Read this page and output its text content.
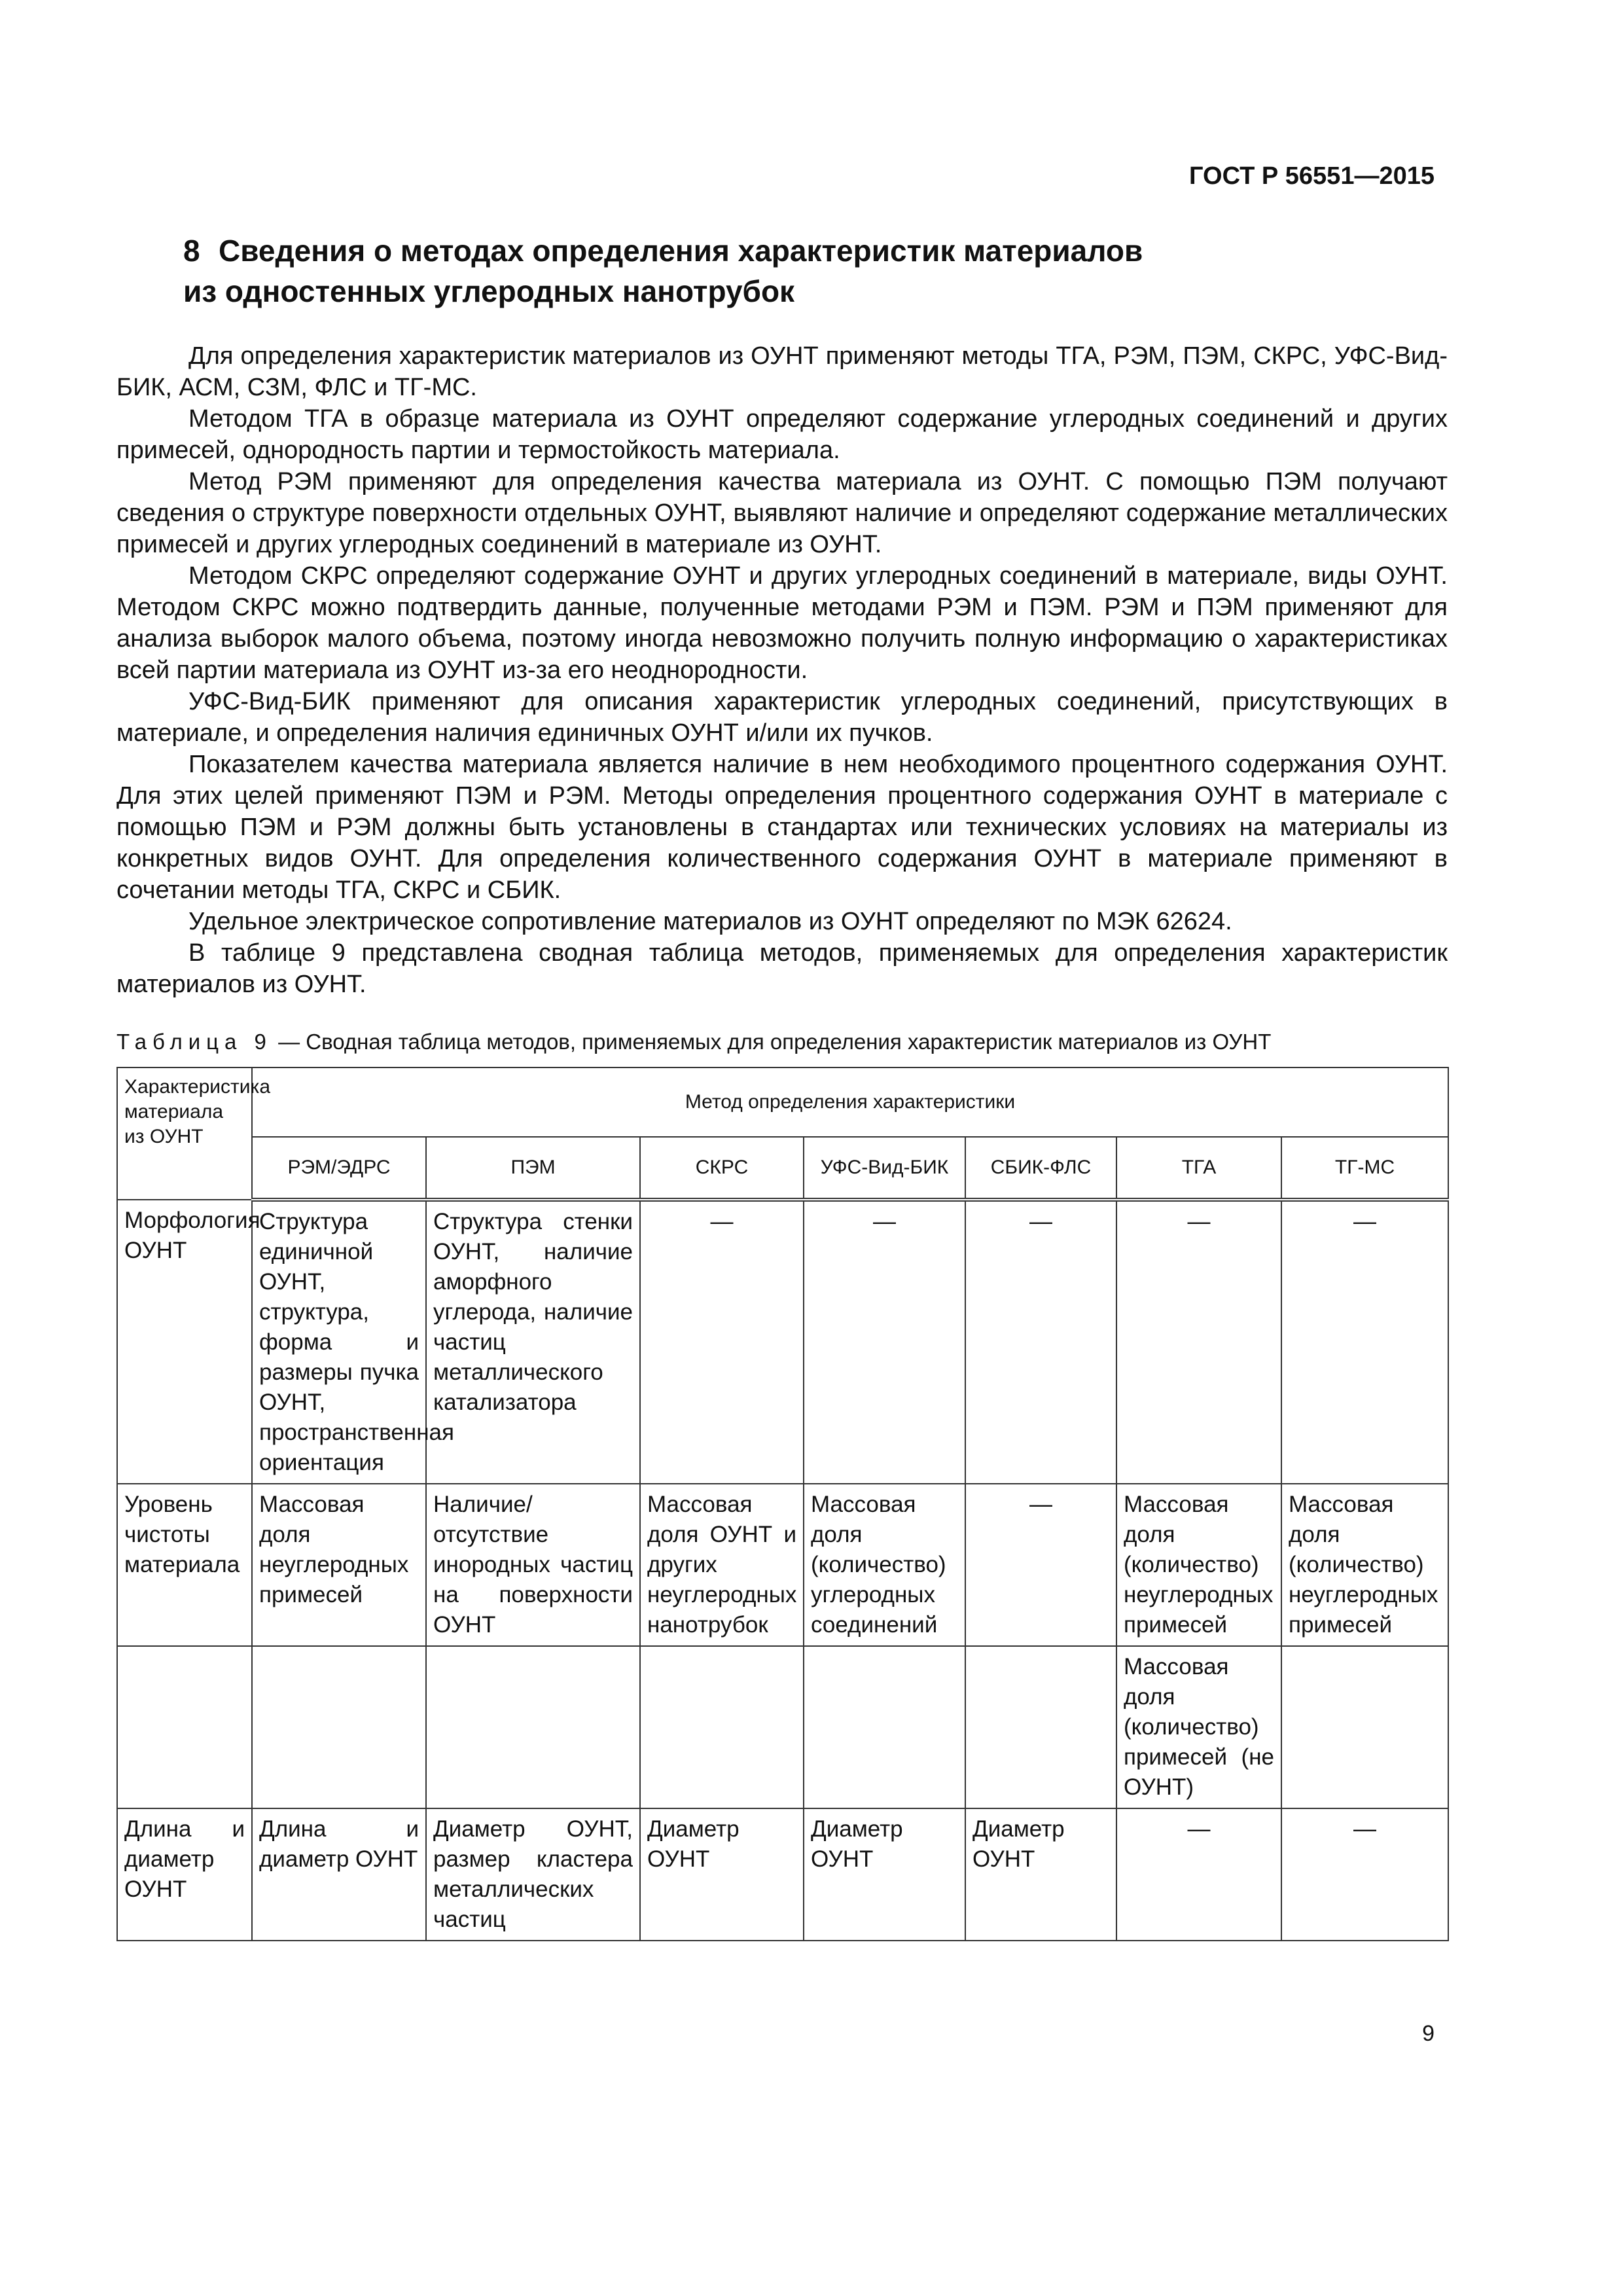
ГОСТ Р 56551—2015
8 Сведения о методах определения характеристик материалов
из одностенных углеродных нанотрубок

Для определения характеристик материалов из ОУНТ применяют методы ТГА, РЭМ, ПЭМ, СКРС, УФС-Вид-БИК, АСМ, СЗМ, ФЛС и ТГ-МС.

Методом ТГА в образце материала из ОУНТ определяют содержание углеродных соединений и других примесей, однородность партии и термостойкость материала.

Метод РЭМ применяют для определения качества материала из ОУНТ. С помощью ПЭМ получают сведения о структуре поверхности отдельных ОУНТ, выявляют наличие и определяют содержание металлических примесей и других углеродных соединений в материале из ОУНТ.

Методом СКРС определяют содержание ОУНТ и других углеродных соединений в материале, виды ОУНТ. Методом СКРС можно подтвердить данные, полученные методами РЭМ и ПЭМ. РЭМ и ПЭМ применяют для анализа выборок малого объема, поэтому иногда невозможно получить полную информацию о характеристиках всей партии материала из ОУНТ из-за его неоднородности.

УФС-Вид-БИК применяют для описания характеристик углеродных соединений, присутствующих в материале, и определения наличия единичных ОУНТ и/или их пучков.

Показателем качества материала является наличие в нем необходимого процентного содержания ОУНТ. Для этих целей применяют ПЭМ и РЭМ. Методы определения процентного содержания ОУНТ в материале с помощью ПЭМ и РЭМ должны быть установлены в стандартах или технических условиях на материалы из конкретных видов ОУНТ. Для определения количественного содержания ОУНТ в материале применяют в сочетании методы ТГА, СКРС и СБИК.

Удельное электрическое сопротивление материалов из ОУНТ определяют по МЭК 62624.

В таблице 9 представлена сводная таблица методов, применяемых для определения характеристик материалов из ОУНТ.

Таблица 9 — Сводная таблица методов, применяемых для определения характеристик материалов из ОУНТ
Характеристика материала из ОУНТ	Метод определения характеристики						
	РЭМ/ЭДРС	ПЭМ	СКРС	УФС-Вид-БИК	СБИК-ФЛС	ТГА	ТГ-МС
Морфология ОУНТ	Структура единичной ОУНТ, структура, форма и размеры пучка ОУНТ, пространственная ориентация	Структура стенки ОУНТ, наличие аморфного углерода, наличие частиц металлического катализатора	—	—	—	—	—
Уровень чистоты материала	Массовая доля неуглеродных примесей	Наличие/отсутствие инородных частиц на поверхности ОУНТ	Массовая доля ОУНТ и других неуглеродных нанотрубок	Массовая доля (количество) углеродных соединений	—	Массовая доля (количество) неуглеродных примесей	Массовая доля (количество) неуглеродных примесей
						Массовая доля (количество) примесей (не ОУНТ)	
Длина и диаметр ОУНТ	Длина и диаметр ОУНТ	Диаметр ОУНТ, размер кластера металлических частиц	Диаметр ОУНТ	Диаметр ОУНТ	Диаметр ОУНТ	—	—
9
